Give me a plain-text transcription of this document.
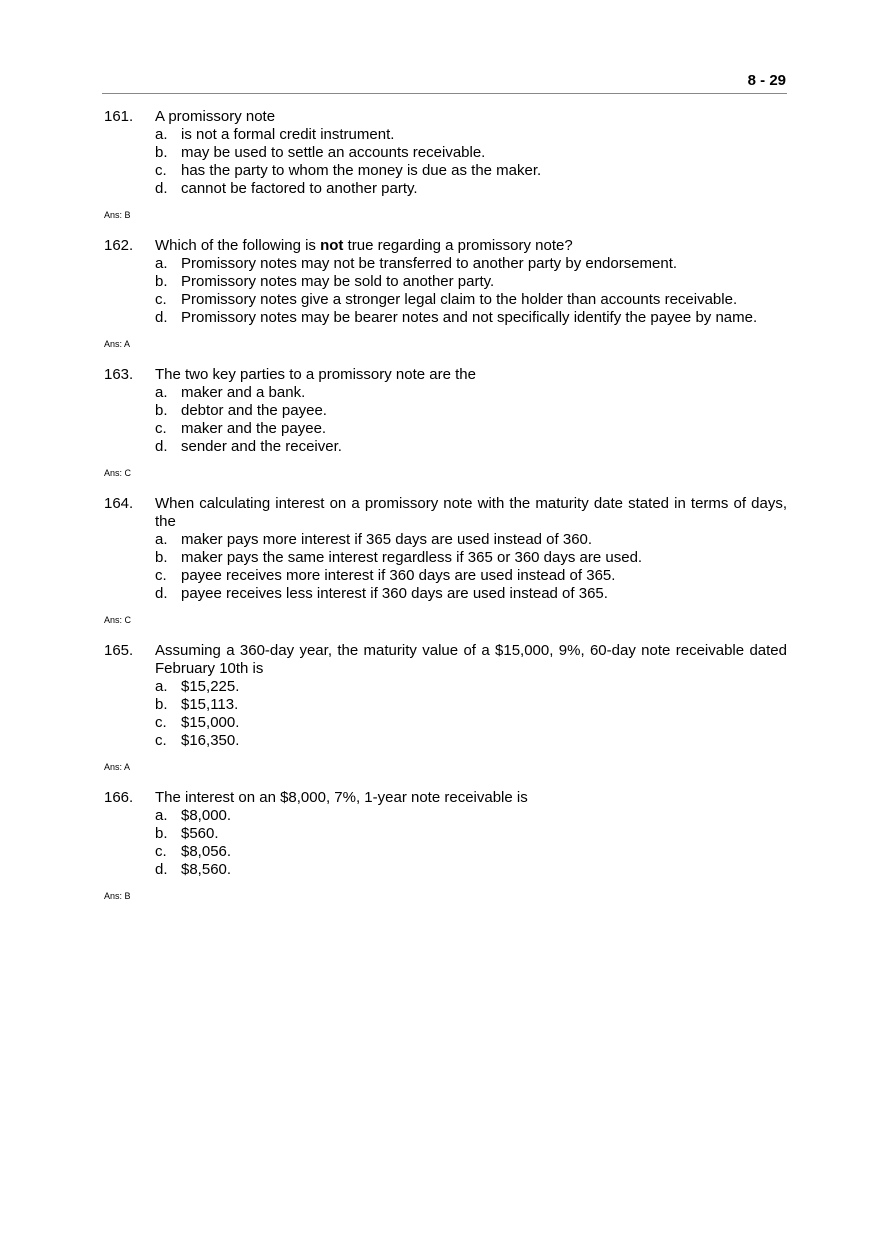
8 - 29
161.	A promissory note
a. is not a formal credit instrument.
b. may be used to settle an accounts receivable.
c. has the party to whom the money is due as the maker.
d. cannot be factored to another party.
Ans: B
162.	Which of the following is not true regarding a promissory note?
a. Promissory notes may not be transferred to another party by endorsement.
b. Promissory notes may be sold to another party.
c. Promissory notes give a stronger legal claim to the holder than accounts receivable.
d. Promissory notes may be bearer notes and not specifically identify the payee by name.
Ans: A
163.	The two key parties to a promissory note are the
a. maker and a bank.
b. debtor and the payee.
c. maker and the payee.
d. sender and the receiver.
Ans: C
164.	When calculating interest on a promissory note with the maturity date stated in terms of days, the
a. maker pays more interest if 365 days are used instead of 360.
b. maker pays the same interest regardless if 365 or 360 days are used.
c. payee receives more interest if 360 days are used instead of 365.
d. payee receives less interest if 360 days are used instead of 365.
Ans: C
165.	Assuming a 360-day year, the maturity value of a $15,000, 9%, 60-day note receivable dated February 10th is
a. $15,225.
b. $15,113.
c. $15,000.
c. $16,350.
Ans: A
166.	The interest on an $8,000, 7%, 1-year note receivable is
a. $8,000.
b. $560.
c. $8,056.
d. $8,560.
Ans: B
